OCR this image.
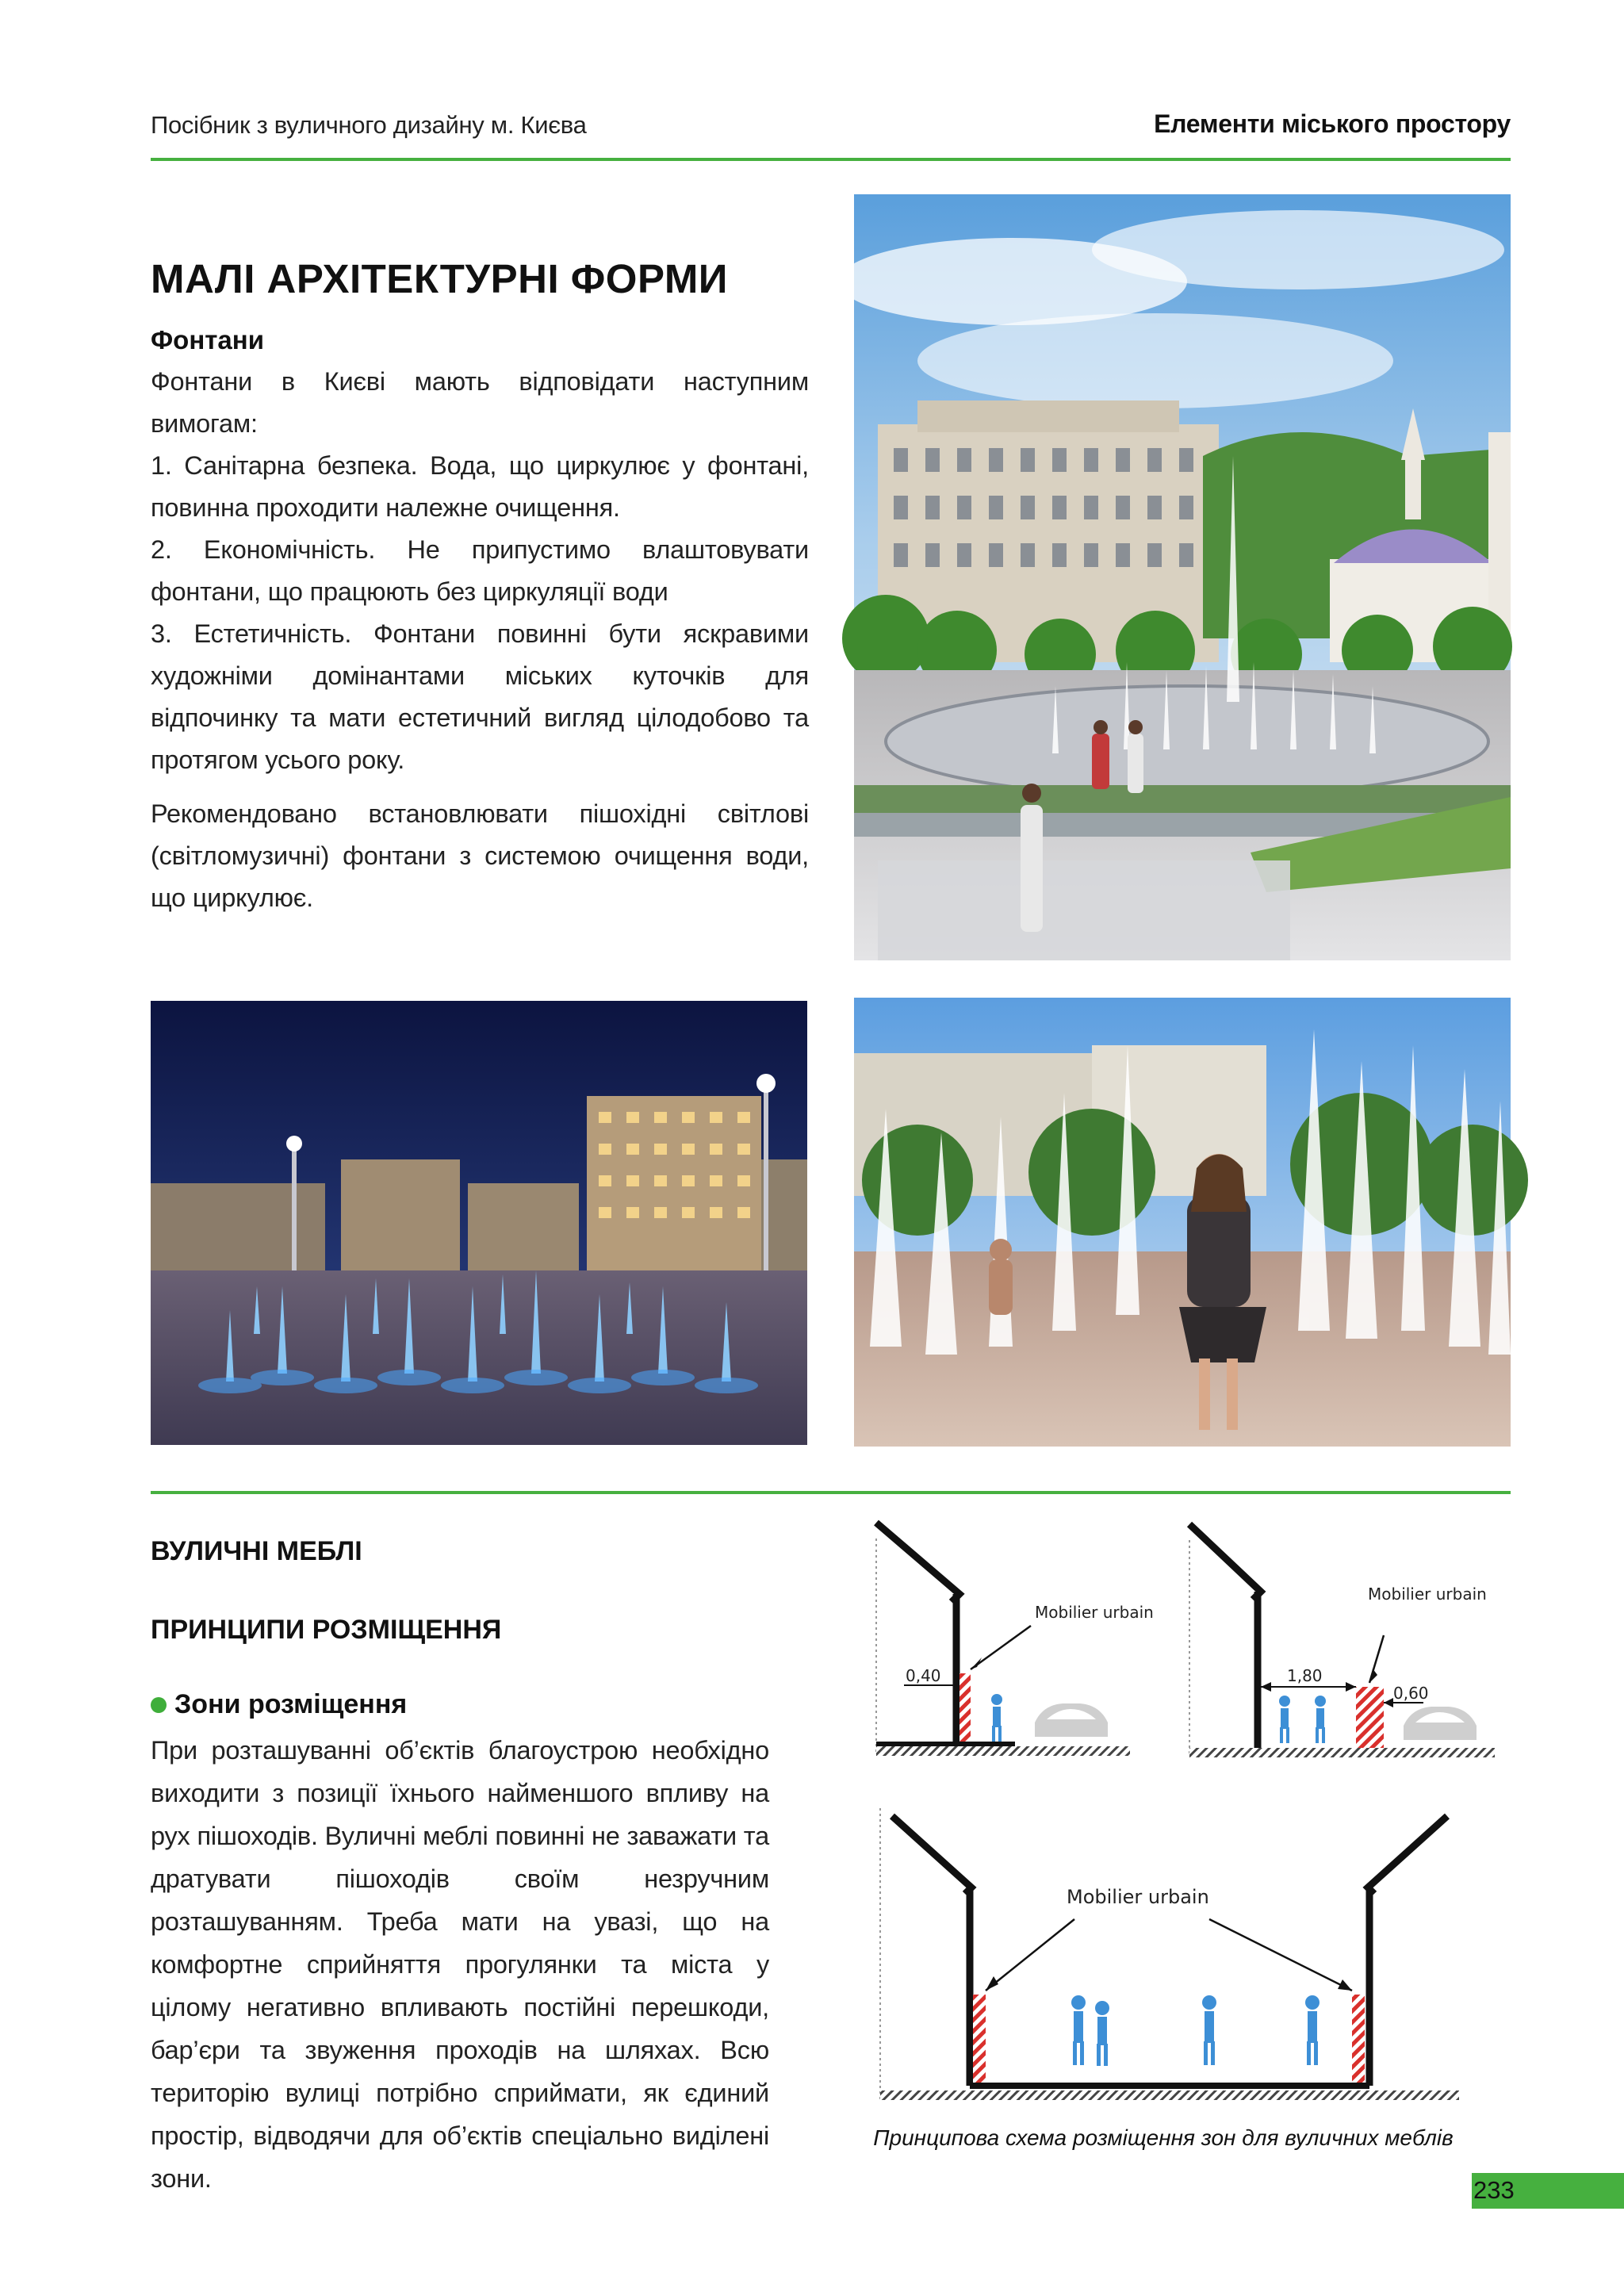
Посібник з вуличного дизайну м. Києва	Елементи міського простору
МАЛІ АРХІТЕКТУРНІ ФОРМИ
Фонтани

Фонтани в Києві мають відповідати наступним вимогам:

1. Санітарна безпека. Вода, що циркулює у фонтані, повинна проходити належне очищення.

2. Економічність. Не припустимо влаштовувати фонтани, що працюють без циркуляції води

3. Естетичність. Фонтани повинні бути яскравими художніми домінантами міських куточків для відпочинку та мати естетичний вигляд цілодобово та протягом усього року.

Рекомендовано встановлювати пішохідні світлові (світломузичні) фонтани з системою очищення води, що циркулює.
ВУЛИЧНІ МЕБЛІ
ПРИНЦИПИ РОЗМІЩЕННЯ
Зони розміщення
При розташуванні об’єктів благоустрою необхідно виходити з позиції їхнього найменшого впливу на рух пішоходів. Вуличні меблі повинні не заважати та дратувати пішоходів своїм незручним розташуванням. Треба мати на увазі, що на комфортне сприйняття прогулянки та міста у цілому негативно впливають постійні перешкоди, бар’єри та звуження проходів на шляхах. Всю територію вулиці потрібно сприймати, як єдиний простір, відводячи для об’єктів спеціально виділені зони.
Mobilier urbain
0,40	1,80
0,60
Mobilier urbain
Mobilier urbain
Принципова схема розміщення зон для вуличних меблів
233
